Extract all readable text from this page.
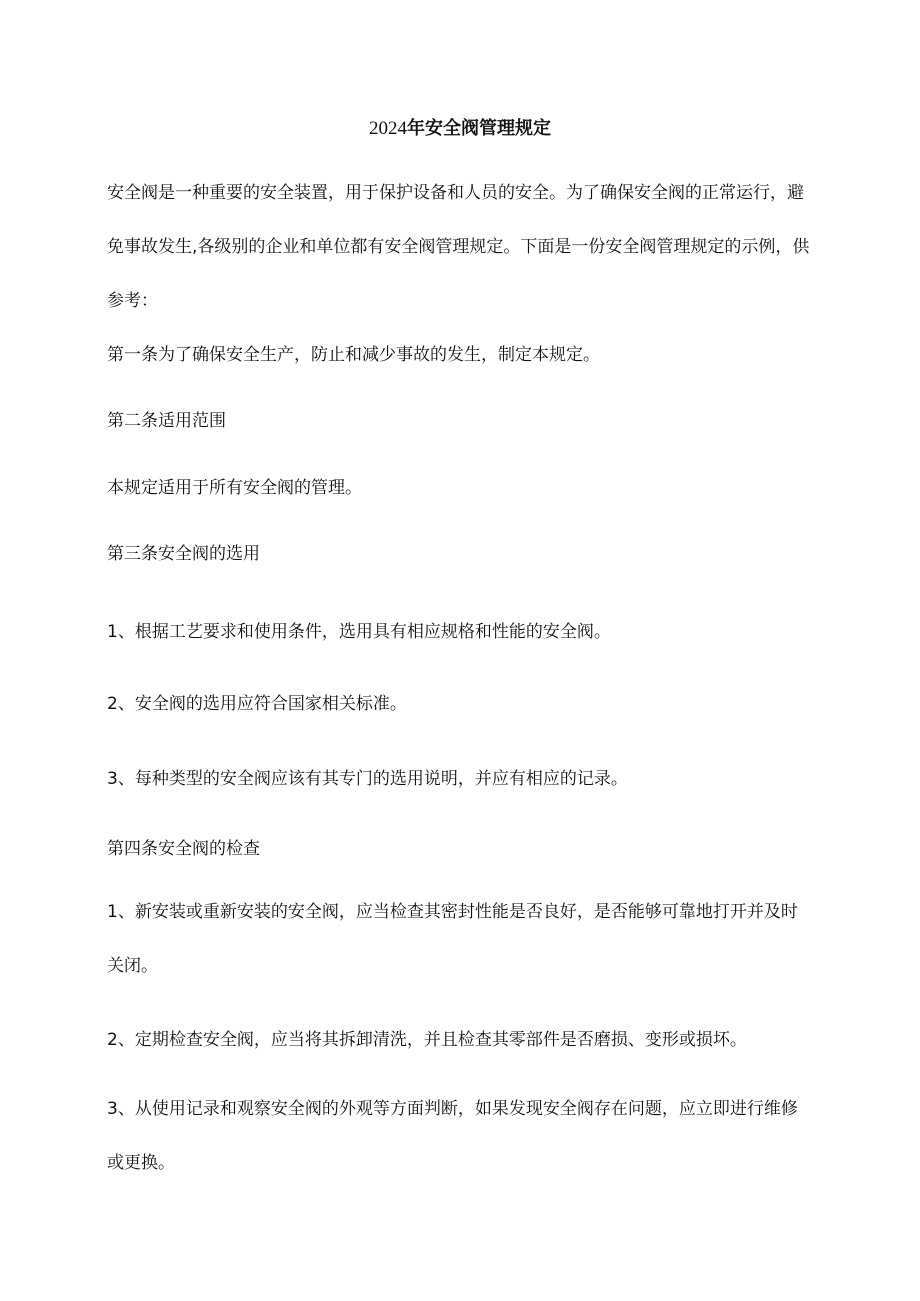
2024年安全阀管理规定

安全阀是一种重要的安全装置，用于保护设备和人员的安全。为了确保安全阀的正常运行，避免事故发生,各级别的企业和单位都有安全阀管理规定。下面是一份安全阀管理规定的示例，供参考：

第一条为了确保安全生产，防止和减少事故的发生，制定本规定。

第二条适用范围

本规定适用于所有安全阀的管理。

第三条安全阀的选用

1、根据工艺要求和使用条件，选用具有相应规格和性能的安全阀。

2、安全阀的选用应符合国家相关标准。

3、每种类型的安全阀应该有其专门的选用说明，并应有相应的记录。

第四条安全阀的检查

1、新安装或重新安装的安全阀，应当检查其密封性能是否良好，是否能够可靠地打开并及时关闭。

2、定期检查安全阀，应当将其拆卸清洗，并且检查其零部件是否磨损、变形或损坏。

3、从使用记录和观察安全阀的外观等方面判断，如果发现安全阀存在问题，应立即进行维修或更换。
